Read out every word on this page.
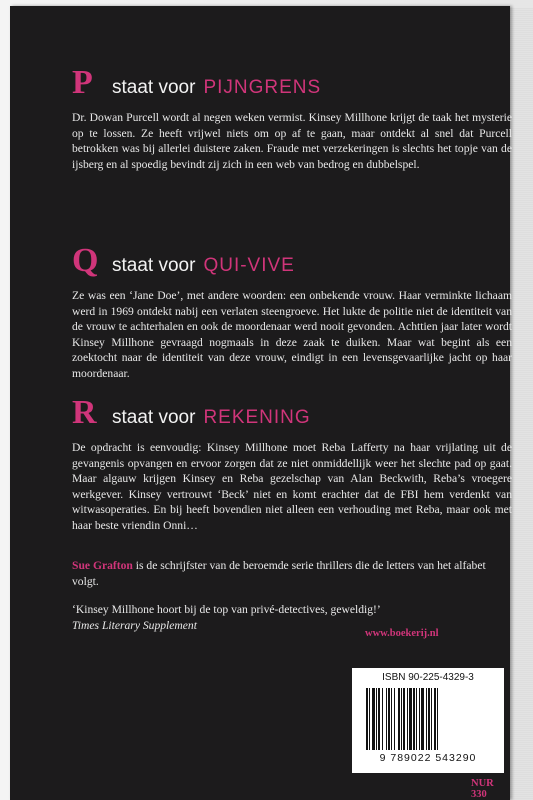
P	staat voor PIJNGRENS

Dr. Dowan Purcell wordt al negen weken vermist. Kinsey Millhone krijgt de taak het mysterie op te lossen. Ze heeft vrijwel niets om op af te gaan, maar ontdekt al snel dat Purcell betrokken was bij allerlei duistere zaken. Fraude met verzekeringen is slechts het topje van de ijsberg en al spoedig bevindt zij zich in een web van bedrog en dubbelspel.

Q staat voor QUI-VIVE

Ze was een ‘Jane Doe’, met andere woorden: een onbekende vrouw. Haar verminkte lichaam werd in 1969 ontdekt nabij een verlaten steengroeve. Het lukte de politie niet de identiteit van de vrouw te achterhalen en ook de moordenaar werd nooit gevonden. Achttien jaar later wordt Kinsey Millhone gevraagd nogmaals in deze zaak te duiken. Maar wat begint als een zoektocht naar de identiteit van deze vrouw, eindigt in een levensgevaarlijke jacht op haar moordenaar.

R staat voor REKENING

De opdracht is eenvoudig: Kinsey Millhone moet Reba Lafferty na haar vrijlating uit de gevangenis opvangen en ervoor zorgen dat ze niet onmiddellijk weer het slechte pad op gaat. Maar algauw krijgen Kinsey en Reba gezelschap van Alan Beckwith, Reba’s vroegere werkgever. Kinsey vertrouwt ‘Beck’ niet en komt erachter dat de FBI hem verdenkt van witwasoperaties. En bij heeft bovendien niet alleen een verhouding met Reba, maar ook met haar beste vriendin Onni…

Sue Grafton is de schrijfster van de beroemde serie thrillers die de letters van het alfabet volgt.
‘Kinsey Millhone hoort bij de top van privé-detectives, geweldig!’
Times Literary Supplement
www.boekerij.nl
ISBN 90-225-4329-3
9 789022 543290
NUR 330
